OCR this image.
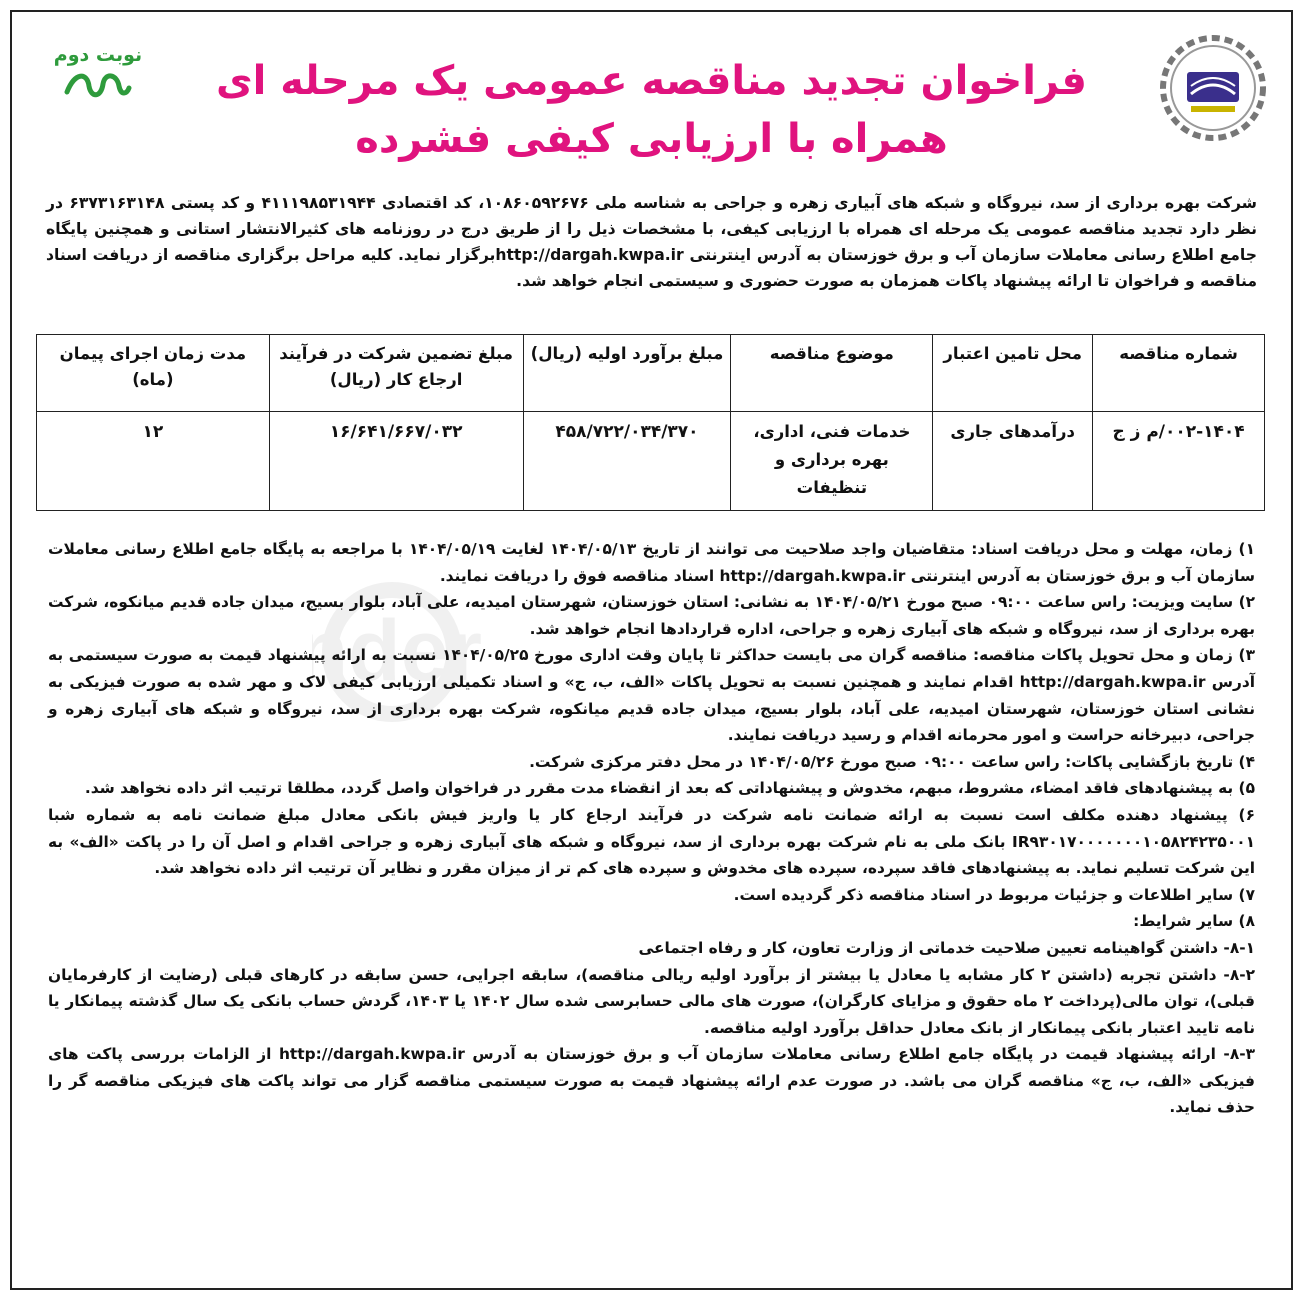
نوبت دوم
فراخوان تجدید مناقصه عمومی یک مرحله ای
همراه با ارزیابی کیفی فشرده
شرکت بهره برداری از سد، نیروگاه و شبکه های آبیاری زهره و جراحی به شناسه ملی ۱۰۸۶۰۵۹۲۶۷۶، کد اقتصادی ۴۱۱۱۹۸۵۳۱۹۴۴ و کد پستی ۶۳۷۳۱۶۳۱۴۸ در نظر دارد تجدید مناقصه عمومی یک مرحله ای همراه با ارزیابی کیفی، با مشخصات ذیل را از طریق درج در روزنامه های کثیرالانتشار استانی و همچنین پایگاه جامع اطلاع رسانی معاملات سازمان آب و برق خوزستان به آدرس اینترنتی http://dargah.kwpa.irبرگزار نماید. کلیه مراحل برگزاری مناقصه از دریافت اسناد مناقصه و فراخوان تا ارائه پیشنهاد پاکات همزمان به صورت حضوری و سیستمی انجام خواهد شد.
شماره مناقصه	محل تامین اعتبار	موضوع مناقصه	مبلغ برآورد اولیه (ریال)	مبلغ تضمین شرکت در فرآیند ارجاع کار (ریال)	مدت زمان اجرای پیمان (ماه)
۰۰۲-۱۴۰۴/م ز ج	درآمدهای جاری	خدمات فنی، اداری، بهره برداری و تنظیفات	۴۵۸/۷۲۲/۰۳۴/۳۷۰	۱۶/۶۴۱/۶۶۷/۰۳۲	۱۲
nder

۱) زمان، مهلت و محل دریافت اسناد: متقاضیان واجد صلاحیت می توانند از تاریخ ۱۴۰۴/۰۵/۱۳ لغایت ۱۴۰۴/۰۵/۱۹ با مراجعه به پایگاه جامع اطلاع رسانی معاملات سازمان آب و برق خوزستان به آدرس اینترنتی http://dargah.kwpa.ir اسناد مناقصه فوق را دریافت نمایند.

۲) سایت ویزیت: راس ساعت ۰۹:۰۰ صبح مورخ ۱۴۰۴/۰۵/۲۱ به نشانی: استان خوزستان، شهرستان امیدیه، علی آباد، بلوار بسیج، میدان جاده قدیم میانکوه، شرکت بهره برداری از سد، نیروگاه و شبکه های آبیاری زهره و جراحی، اداره قراردادها انجام خواهد شد.

۳) زمان و محل تحویل پاکات مناقصه: مناقصه گران می بایست حداکثر تا پایان وقت اداری مورخ ۱۴۰۴/۰۵/۲۵ نسبت به ارائه پیشنهاد قیمت به صورت سیستمی به آدرس http://dargah.kwpa.ir اقدام نمایند و همچنین نسبت به تحویل پاکات «الف، ب، ج» و اسناد تکمیلی ارزیابی کیفی لاک و مهر شده به صورت فیزیکی به نشانی استان خوزستان، شهرستان امیدیه، علی آباد، بلوار بسیج، میدان جاده قدیم میانکوه، شرکت بهره برداری از سد، نیروگاه و شبکه های آبیاری زهره و جراحی، دبیرخانه حراست و امور محرمانه اقدام و رسید دریافت نمایند.

۴) تاریخ بازگشایی پاکات: راس ساعت ۰۹:۰۰ صبح مورخ ۱۴۰۴/۰۵/۲۶ در محل دفتر مرکزی شرکت.

۵) به پیشنهادهای فاقد امضاء، مشروط، مبهم، مخدوش و پیشنهاداتی که بعد از انقضاء مدت مقرر در فراخوان واصل گردد، مطلقا ترتیب اثر داده نخواهد شد.

۶) پیشنهاد دهنده مکلف است نسبت به ارائه ضمانت نامه شرکت در فرآیند ارجاع کار یا واریز فیش بانکی معادل مبلغ ضمانت نامه به شماره شبا IR۹۳۰۱۷۰۰۰۰۰۰۰۱۰۵۸۲۴۲۳۵۰۰۱ بانک ملی به نام شرکت بهره برداری از سد، نیروگاه و شبکه های آبیاری زهره و جراحی اقدام و اصل آن را در پاکت «الف» به این شرکت تسلیم نماید. به پیشنهادهای فاقد سپرده، سپرده های مخدوش و سپرده های کم تر از میزان مقرر و نظایر آن ترتیب اثر داده نخواهد شد.

۷) سایر اطلاعات و جزئیات مربوط در اسناد مناقصه ذکر گردیده است.

۸) سایر شرایط:

۸-۱- داشتن گواهینامه تعیین صلاحیت خدماتی از وزارت تعاون، کار و رفاه اجتماعی

۸-۲- داشتن تجربه (داشتن ۲ کار مشابه یا معادل یا بیشتر از برآورد اولیه ریالی مناقصه)، سابقه اجرایی، حسن سابقه در کارهای قبلی (رضایت از کارفرمایان قبلی)، توان مالی(پرداخت ۲ ماه حقوق و مزایای کارگران)، صورت های مالی حسابرسی شده سال ۱۴۰۲ یا ۱۴۰۳، گردش حساب بانکی یک سال گذشته پیمانکار یا نامه تایید اعتبار بانکی پیمانکار از بانک معادل حداقل برآورد اولیه مناقصه.

۸-۳- ارائه پیشنهاد قیمت در پایگاه جامع اطلاع رسانی معاملات سازمان آب و برق خوزستان به آدرس http://dargah.kwpa.ir از الزامات بررسی پاکت های فیزیکی «الف، ب، ج» مناقصه گران می باشد. در صورت عدم ارائه پیشنهاد قیمت به صورت سیستمی مناقصه گزار می تواند پاکت های فیزیکی مناقصه گر را حذف نماید.
